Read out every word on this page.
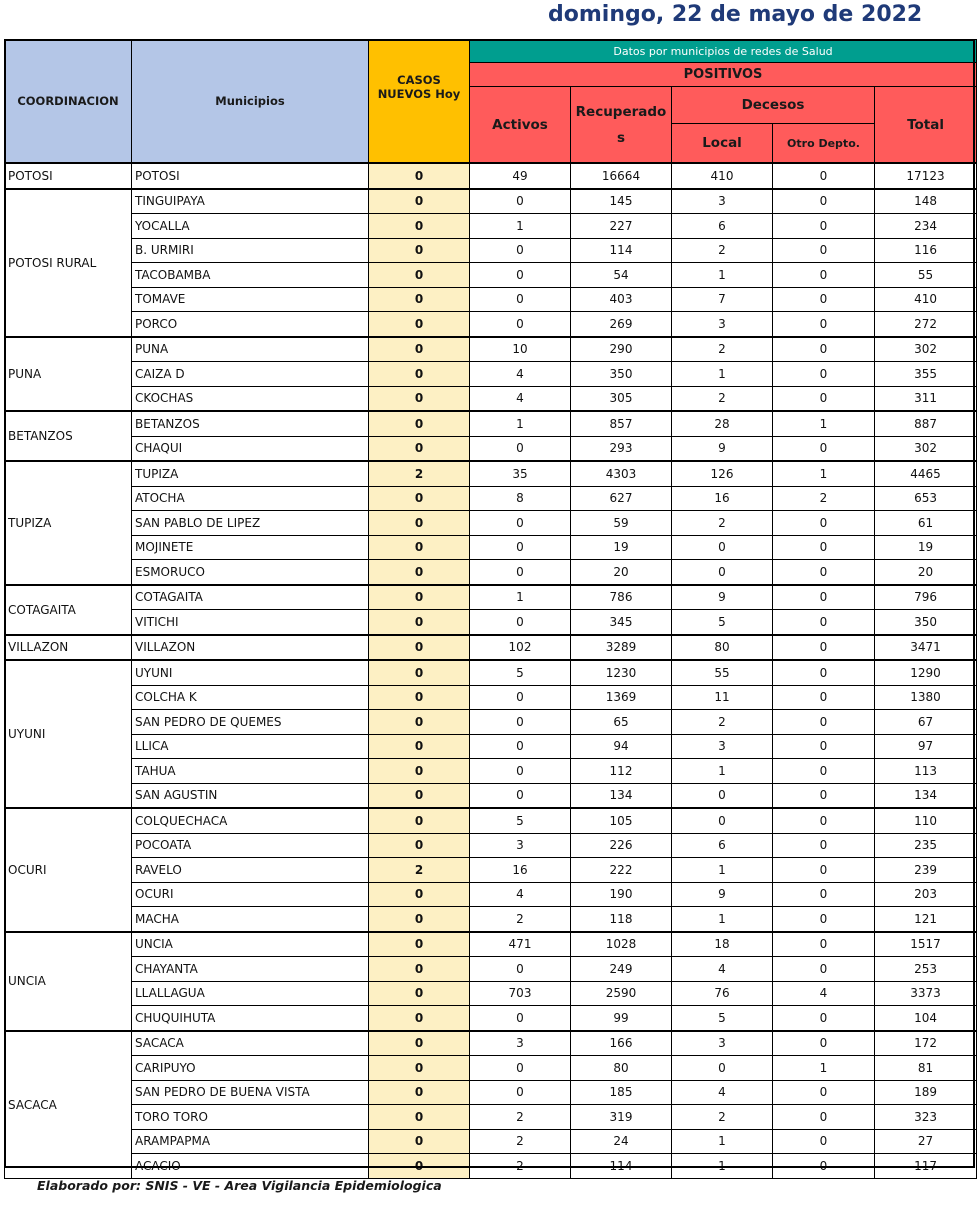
domingo, 22 de mayo de 2022
COORDINACION	Municipios	CASOS
NUEVOS Hoy	Datos por municipios de redes de Salud				
			POSITIVOS				
			Activos	Recuperado
s	Decesos		Total
					Local	Otro Depto.	
POTOSI	POTOSI	0	49	16664	410	0	17123
POTOSI RURAL	TINGUIPAYA	0	0	145	3	0	148
	YOCALLA	0	1	227	6	0	234
	B. URMIRI	0	0	114	2	0	116
	TACOBAMBA	0	0	54	1	0	55
	TOMAVE	0	0	403	7	0	410
	PORCO	0	0	269	3	0	272
PUNA	PUNA	0	10	290	2	0	302
	CAIZA D	0	4	350	1	0	355
	CKOCHAS	0	4	305	2	0	311
BETANZOS	BETANZOS	0	1	857	28	1	887
	CHAQUI	0	0	293	9	0	302
TUPIZA	TUPIZA	2	35	4303	126	1	4465
	ATOCHA	0	8	627	16	2	653
	SAN PABLO DE LIPEZ	0	0	59	2	0	61
	MOJINETE	0	0	19	0	0	19
	ESMORUCO	0	0	20	0	0	20
COTAGAITA	COTAGAITA	0	1	786	9	0	796
	VITICHI	0	0	345	5	0	350
VILLAZON	VILLAZON	0	102	3289	80	0	3471
UYUNI	UYUNI	0	5	1230	55	0	1290
	COLCHA K	0	0	1369	11	0	1380
	SAN PEDRO DE QUEMES	0	0	65	2	0	67
	LLICA	0	0	94	3	0	97
	TAHUA	0	0	112	1	0	113
	SAN AGUSTIN	0	0	134	0	0	134
OCURI	COLQUECHACA	0	5	105	0	0	110
	POCOATA	0	3	226	6	0	235
	RAVELO	2	16	222	1	0	239
	OCURI	0	4	190	9	0	203
	MACHA	0	2	118	1	0	121
UNCIA	UNCIA	0	471	1028	18	0	1517
	CHAYANTA	0	0	249	4	0	253
	LLALLAGUA	0	703	2590	76	4	3373
	CHUQUIHUTA	0	0	99	5	0	104
SACACA	SACACA	0	3	166	3	0	172
	CARIPUYO	0	0	80	0	1	81
	SAN PEDRO DE BUENA VISTA	0	0	185	4	0	189
	TORO TORO	0	2	319	2	0	323
	ARAMPAPMA	0	2	24	1	0	27
	ACACIO	0	2	114	1	0	117
Elaborado por: SNIS - VE - Area Vigilancia Epidemiologica
